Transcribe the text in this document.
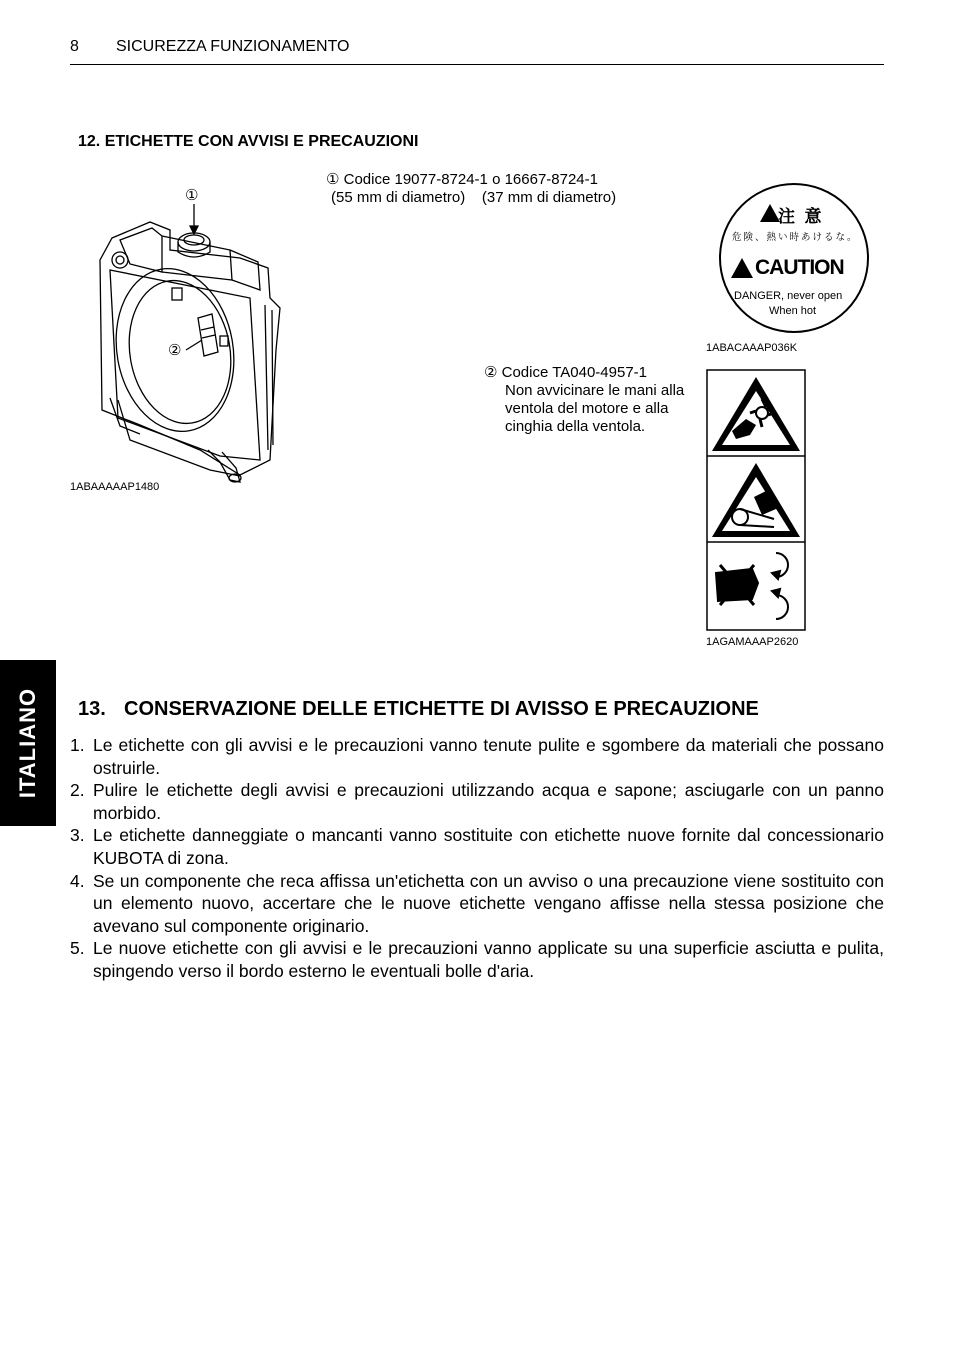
8 SICUREZZA FUNZIONAMENTO
12. ETICHETTE CON AVVISI E PRECAUZIONI
①
②
1ABAAAAAP1480
① Codice 19077-8724-1 o 16667-8724-1
(55 mm di diametro)    (37 mm di diametro)
注  意
危険、熱い時あけるな。
CAUTION
DANGER, never open
When hot
1ABACAAAP036K
② Codice TA040-4957-1
Non avvicinare le mani alla
ventola del motore e alla
cinghia della ventola.
1AGAMAAAP2620
ITALIANO 13. CONSERVAZIONE DELLE ETICHETTE DI AVISSO E PRECAUZIONE
1. Le etichette con gli avvisi e le precauzioni vanno tenute pulite e sgombere da materiali che possano ostruirle.
2. Pulire le etichette degli avvisi e precauzioni utilizzando acqua e sapone; asciugarle con un panno morbido.
3. Le etichette danneggiate o mancanti vanno sostituite con etichette nuove fornite dal concessionario KUBOTA di zona.
4. Se un componente che reca affissa un'etichetta con un avviso o una precauzione viene sostituito con un elemento nuovo, accertare che le nuove etichette vengano affisse nella stessa posizione che avevano sul componente originario.
5. Le nuove etichette con gli avvisi e le precauzioni vanno applicate su una superficie asciutta e pulita, spingendo verso il bordo esterno le eventuali bolle d'aria.
